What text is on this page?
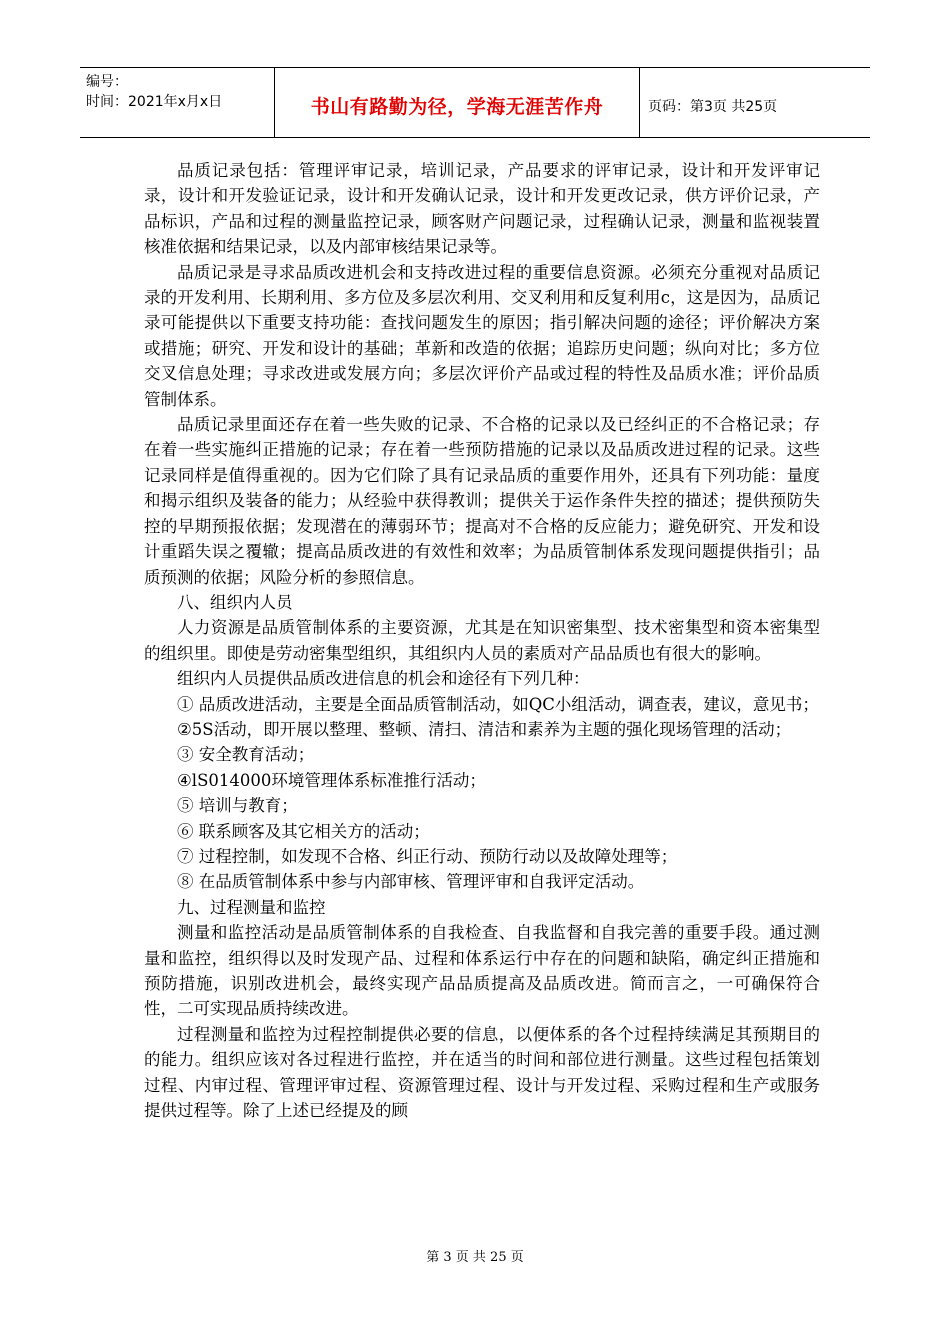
编号：
时间：2021年x月x日	书山有路勤为径，学海无涯苦作舟	页码：第3页 共25页

品质记录包括：管理评审记录，培训记录，产品要求的评审记录，设计和开发评审记录，设计和开发验证记录，设计和开发确认记录，设计和开发更改记录，供方评价记录，产品标识，产品和过程的测量监控记录，顾客财产问题记录，过程确认记录，测量和监视装置核准依据和结果记录，以及内部审核结果记录等。

品质记录是寻求品质改进机会和支持改进过程的重要信息资源。必须充分重视对品质记录的开发利用、长期利用、多方位及多层次利用、交叉利用和反复利用c，这是因为，品质记录可能提供以下重要支持功能：查找问题发生的原因；指引解决问题的途径；评价解决方案或措施；研究、开发和设计的基础；革新和改造的依据；追踪历史问题；纵向对比；多方位交叉信息处理；寻求改进或发展方向；多层次评价产品或过程的特性及品质水准；评价品质管制体系。

品质记录里面还存在着一些失败的记录、不合格的记录以及已经纠正的不合格记录；存在着一些实施纠正措施的记录；存在着一些预防措施的记录以及品质改进过程的记录。这些记录同样是值得重视的。因为它们除了具有记录品质的重要作用外，还具有下列功能：量度和揭示组织及装备的能力；从经验中获得教训；提供关于运作条件失控的描述；提供预防失控的早期预报依据；发现潜在的薄弱环节；提高对不合格的反应能力；避免研究、开发和设计重蹈失误之覆辙；提高品质改进的有效性和效率；为品质管制体系发现问题提供指引；品质预测的依据；风险分析的参照信息。

八、组织内人员

人力资源是品质管制体系的主要资源，尤其是在知识密集型、技术密集型和资本密集型的组织里。即使是劳动密集型组织，其组织内人员的素质对产品品质也有很大的影响。

组织内人员提供品质改进信息的机会和途径有下列几种：

① 品质改进活动，主要是全面品质管制活动，如QC小组活动，调查表，建议，意见书；

②5S活动，即开展以整理、整顿、清扫、清洁和素养为主题的强化现场管理的活动；

③ 安全教育活动；

④lS014000环境管理体系标准推行活动；

⑤ 培训与教育；

⑥ 联系顾客及其它相关方的活动；

⑦ 过程控制，如发现不合格、纠正行动、预防行动以及故障处理等；

⑧ 在品质管制体系中参与内部审核、管理评审和自我评定活动。

九、过程测量和监控

测量和监控活动是品质管制体系的自我检查、自我监督和自我完善的重要手段。通过测量和监控，组织得以及时发现产品、过程和体系运行中存在的问题和缺陷，确定纠正措施和预防措施，识别改进机会，最终实现产品品质提高及品质改进。简而言之，一可确保符合性，二可实现品质持续改进。

过程测量和监控为过程控制提供必要的信息，以便体系的各个过程持续满足其预期目的的能力。组织应该对各过程进行监控，并在适当的时间和部位进行测量。这些过程包括策划过程、内审过程、管理评审过程、资源管理过程、设计与开发过程、采购过程和生产或服务提供过程等。除了上述已经提及的顾

第 3 页 共 25 页
